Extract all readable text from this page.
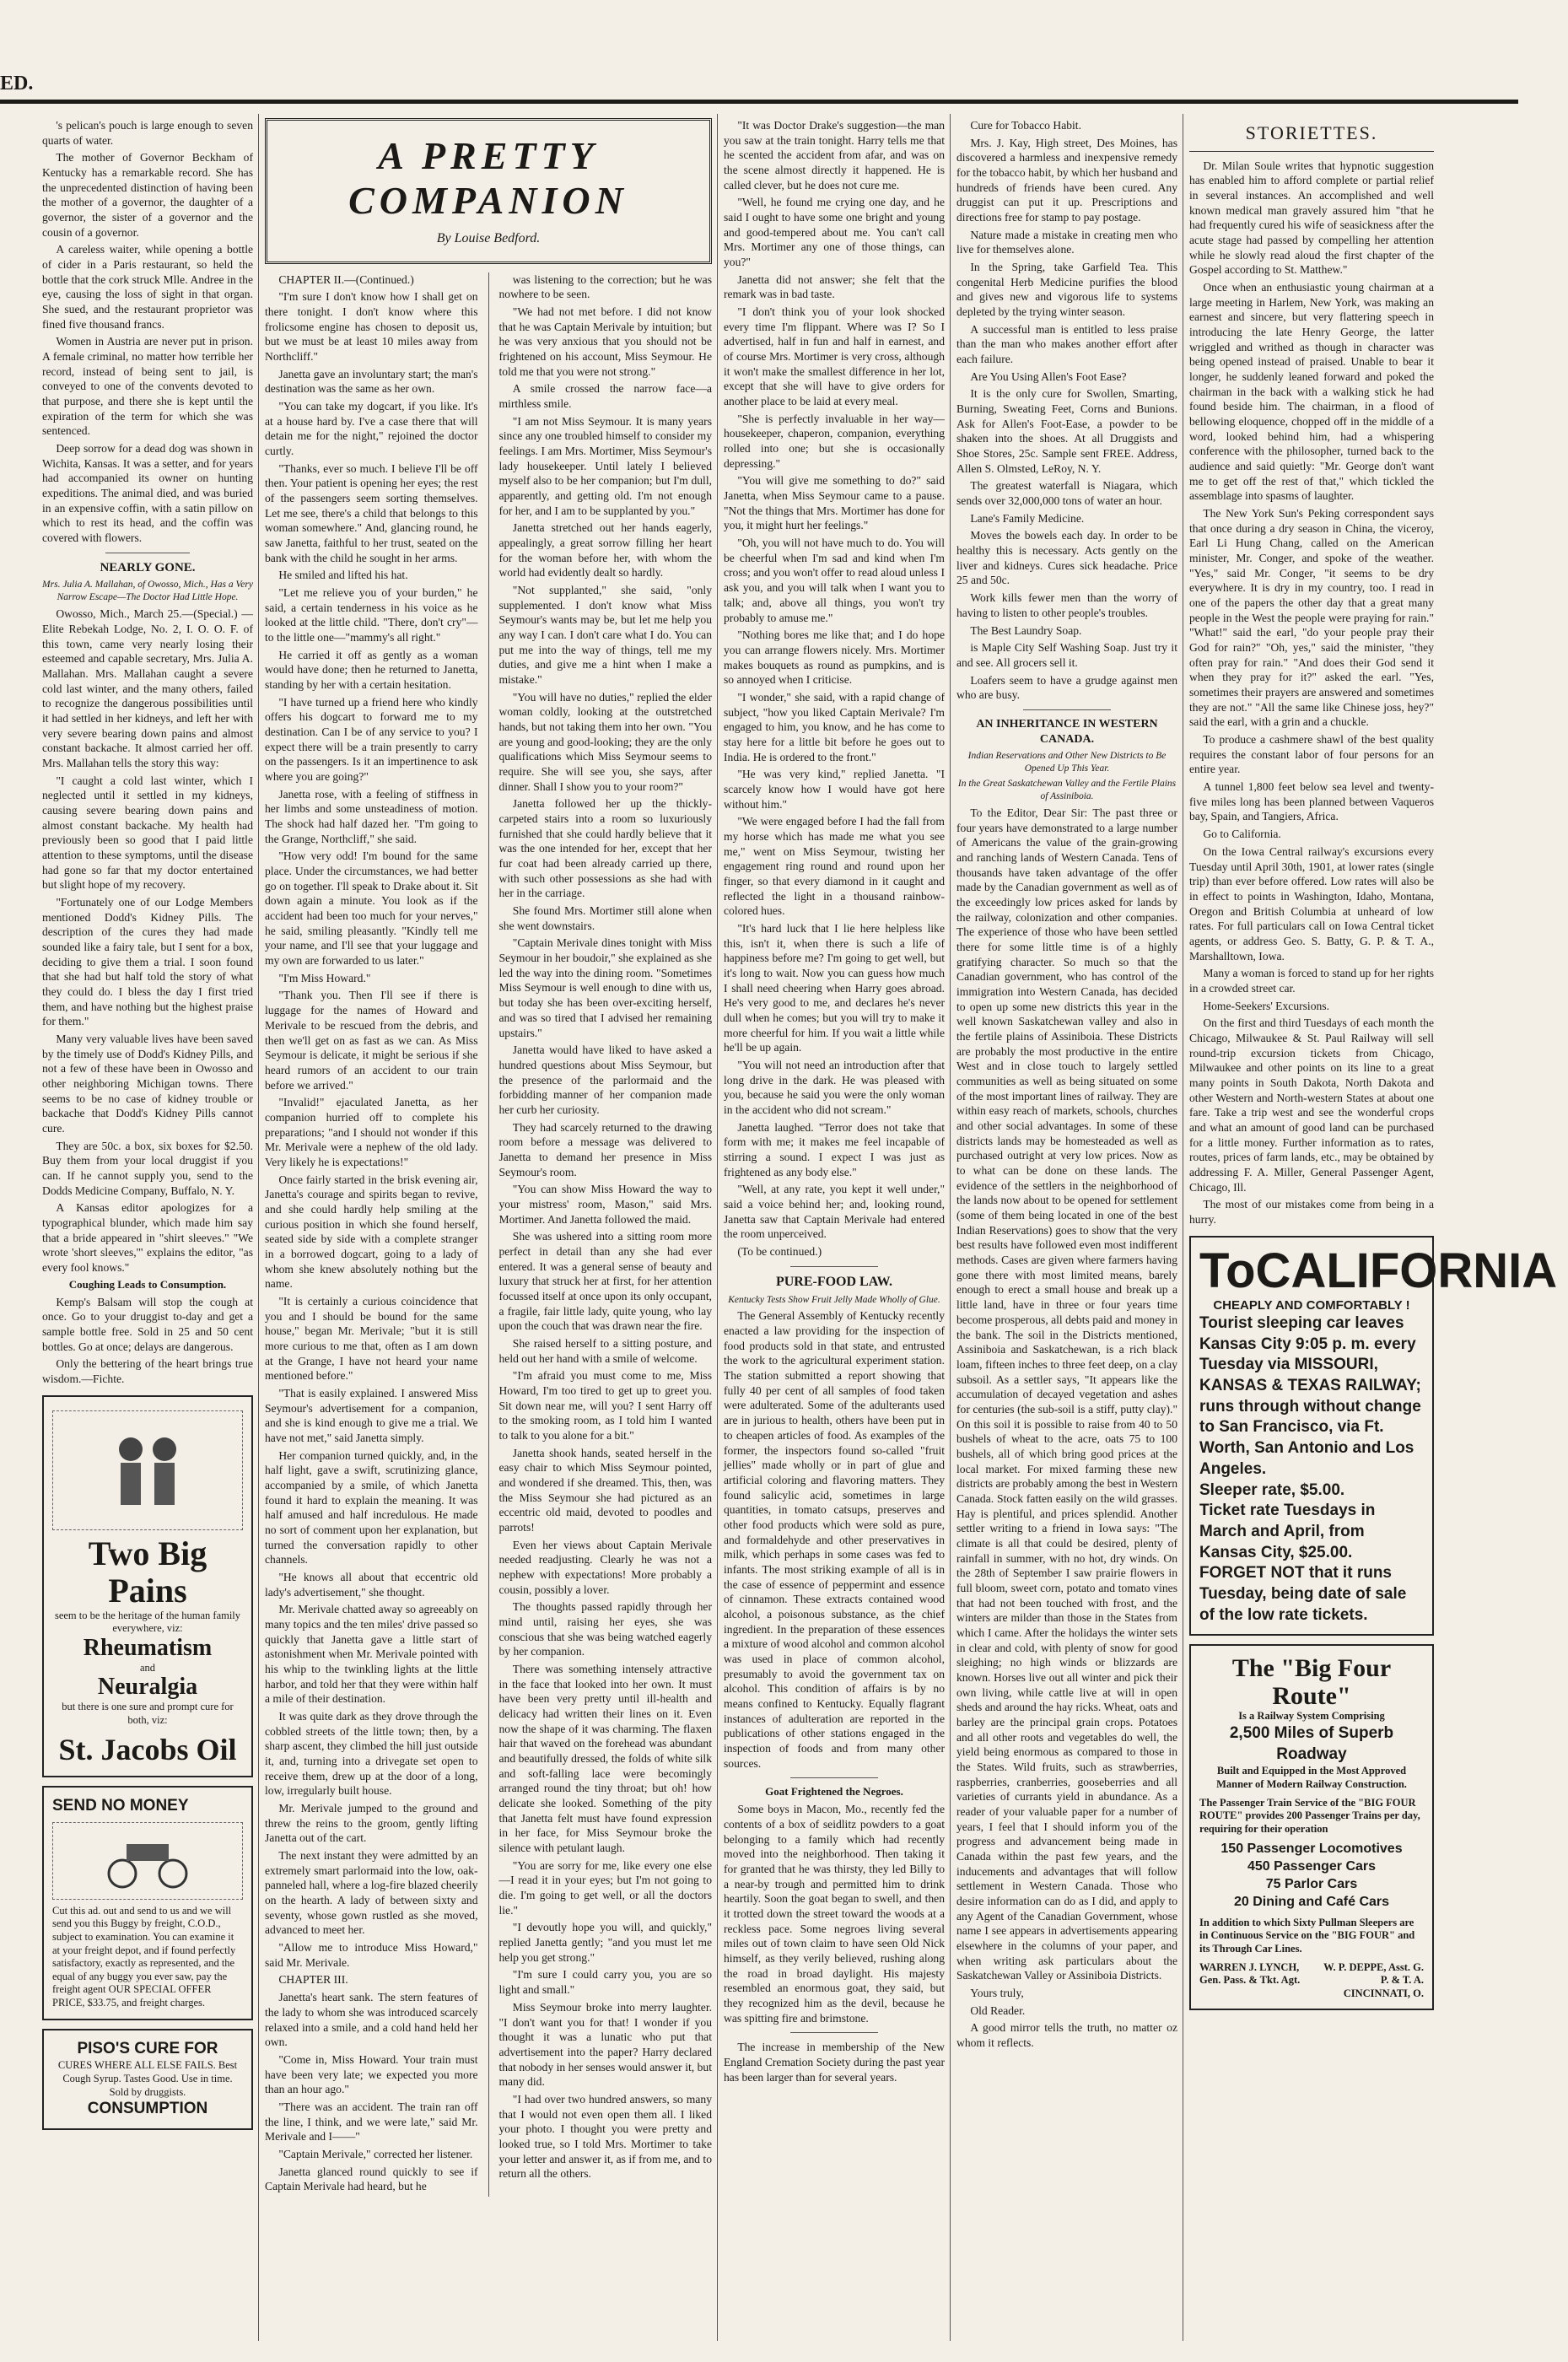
ED.

's pelican's pouch is large enough to seven quarts of water.

The mother of Governor Beckham of Kentucky has a remarkable record. She has the unprecedented distinction of having been the mother of a governor, the daughter of a governor, the sister of a governor and the cousin of a governor.

A careless waiter, while opening a bottle of cider in a Paris restaurant, so held the bottle that the cork struck Mlle. Andree in the eye, causing the loss of sight in that organ. She sued, and the restaurant proprietor was fined five thousand francs.

Women in Austria are never put in prison. A female criminal, no matter how terrible her record, instead of being sent to jail, is conveyed to one of the convents devoted to that purpose, and there she is kept until the expiration of the term for which she was sentenced.

Deep sorrow for a dead dog was shown in Wichita, Kansas. It was a setter, and for years had accompanied its owner on hunting expeditions. The animal died, and was buried in an expensive coffin, with a satin pillow on which to rest its head, and the coffin was covered with flowers.

NEARLY GONE.

Mrs. Julia A. Mallahan, of Owosso, Mich., Has a Very Narrow Escape—The Doctor Had Little Hope.

Owosso, Mich., March 25.—(Special.) —Elite Rebekah Lodge, No. 2, I. O. O. F. of this town, came very nearly losing their esteemed and capable secretary, Mrs. Julia A. Mallahan. Mrs. Mallahan caught a severe cold last winter, and the many others, failed to recognize the dangerous possibilities until it had settled in her kidneys, and left her with very severe bearing down pains and almost constant backache. It almost carried her off. Mrs. Mallahan tells the story this way:

"I caught a cold last winter, which I neglected until it settled in my kidneys, causing severe bearing down pains and almost constant backache. My health had previously been so good that I paid little attention to these symptoms, until the disease had gone so far that my doctor entertained but slight hope of my recovery.

"Fortunately one of our Lodge Members mentioned Dodd's Kidney Pills. The description of the cures they had made sounded like a fairy tale, but I sent for a box, deciding to give them a trial. I soon found that she had but half told the story of what they could do. I bless the day I first tried them, and have nothing but the highest praise for them."

Many very valuable lives have been saved by the timely use of Dodd's Kidney Pills, and not a few of these have been in Owosso and other neighboring Michigan towns. There seems to be no case of kidney trouble or backache that Dodd's Kidney Pills cannot cure.

They are 50c. a box, six boxes for $2.50. Buy them from your local druggist if you can. If he cannot supply you, send to the Dodds Medicine Company, Buffalo, N. Y.

A Kansas editor apologizes for a typographical blunder, which made him say that a bride appeared in "shirt sleeves." "We wrote 'short sleeves,'" explains the editor, "as every fool knows."

Coughing Leads to Consumption.

Kemp's Balsam will stop the cough at once. Go to your druggist to-day and get a sample bottle free. Sold in 25 and 50 cent bottles. Go at once; delays are dangerous.

Only the bettering of the heart brings true wisdom.—Fichte.

Two Big Pains
seem to be the heritage of the human family everywhere, viz:
Rheumatism
and
Neuralgia
but there is one sure and prompt cure for both, viz:
St. Jacobs Oil
SEND NO MONEY
Cut this ad. out and send to us and we will send you this Buggy by freight, C.O.D., subject to examination. You can examine it at your freight depot, and if found perfectly satisfactory, exactly as represented, and the equal of any buggy you ever saw, pay the freight agent OUR SPECIAL OFFER PRICE, $33.75, and freight charges.
PISO'S CURE FOR
CURES WHERE ALL ELSE FAILS. Best Cough Syrup. Tastes Good. Use in time. Sold by druggists.
CONSUMPTION
A PRETTY
COMPANION
By Louise Bedford.

CHAPTER II.—(Continued.)

"I'm sure I don't know how I shall get on there tonight. I don't know where this frolicsome engine has chosen to deposit us, but we must be at least 10 miles away from Northcliff."

Janetta gave an involuntary start; the man's destination was the same as her own.

"You can take my dogcart, if you like. It's at a house hard by. I've a case there that will detain me for the night," rejoined the doctor curtly.

"Thanks, ever so much. I believe I'll be off then. Your patient is opening her eyes; the rest of the passengers seem sorting themselves. Let me see, there's a child that belongs to this woman somewhere." And, glancing round, he saw Janetta, faithful to her trust, seated on the bank with the child he sought in her arms.

He smiled and lifted his hat.

"Let me relieve you of your burden," he said, a certain tenderness in his voice as he looked at the little child. "There, don't cry"—to the little one—"mammy's all right."

He carried it off as gently as a woman would have done; then he returned to Janetta, standing by her with a certain hesitation.

"I have turned up a friend here who kindly offers his dogcart to forward me to my destination. Can I be of any service to you? I expect there will be a train presently to carry on the passengers. Is it an impertinence to ask where you are going?"

Janetta rose, with a feeling of stiffness in her limbs and some unsteadiness of motion. The shock had half dazed her. "I'm going to the Grange, Northcliff," she said.

"How very odd! I'm bound for the same place. Under the circumstances, we had better go on together. I'll speak to Drake about it. Sit down again a minute. You look as if the accident had been too much for your nerves," he said, smiling pleasantly. "Kindly tell me your name, and I'll see that your luggage and my own are forwarded to us later."

"I'm Miss Howard."

"Thank you. Then I'll see if there is luggage for the names of Howard and Merivale to be rescued from the debris, and then we'll get on as fast as we can. As Miss Seymour is delicate, it might be serious if she heard rumors of an accident to our train before we arrived."

"Invalid!" ejaculated Janetta, as her companion hurried off to complete his preparations; "and I should not wonder if this Mr. Merivale were a nephew of the old lady. Very likely he is expectations!"

Once fairly started in the brisk evening air, Janetta's courage and spirits began to revive, and she could hardly help smiling at the curious position in which she found herself, seated side by side with a complete stranger in a borrowed dogcart, going to a lady of whom she knew absolutely nothing but the name.

"It is certainly a curious coincidence that you and I should be bound for the same house," began Mr. Merivale; "but it is still more curious to me that, often as I am down at the Grange, I have not heard your name mentioned before."

"That is easily explained. I answered Miss Seymour's advertisement for a companion, and she is kind enough to give me a trial. We have not met," said Janetta simply.

Her companion turned quickly, and, in the half light, gave a swift, scrutinizing glance, accompanied by a smile, of which Janetta found it hard to explain the meaning. It was half amused and half incredulous. He made no sort of comment upon her explanation, but turned the conversation rapidly to other channels.

"He knows all about that eccentric old lady's advertisement," she thought.

Mr. Merivale chatted away so agreeably on many topics and the ten miles' drive passed so quickly that Janetta gave a little start of astonishment when Mr. Merivale pointed with his whip to the twinkling lights at the little harbor, and told her that they were within half a mile of their destination.

It was quite dark as they drove through the cobbled streets of the little town; then, by a sharp ascent, they climbed the hill just outside it, and, turning into a drivegate set open to receive them, drew up at the door of a long, low, irregularly built house.

Mr. Merivale jumped to the ground and threw the reins to the groom, gently lifting Janetta out of the cart.

The next instant they were admitted by an extremely smart parlormaid into the low, oak-panneled hall, where a log-fire blazed cheerily on the hearth. A lady of between sixty and seventy, whose gown rustled as she moved, advanced to meet her.

"Allow me to introduce Miss Howard," said Mr. Merivale.

CHAPTER III.

Janetta's heart sank. The stern features of the lady to whom she was introduced scarcely relaxed into a smile, and a cold hand held her own.

"Come in, Miss Howard. Your train must have been very late; we expected you more than an hour ago."

"There was an accident. The train ran off the line, I think, and we were late," said Mr. Merivale and I——"

"Captain Merivale," corrected her listener.

Janetta glanced round quickly to see if Captain Merivale had heard, but he

was listening to the correction; but he was nowhere to be seen.

"We had not met before. I did not know that he was Captain Merivale by intuition; but he was very anxious that you should not be frightened on his account, Miss Seymour. He told me that you were not strong."

A smile crossed the narrow face—a mirthless smile.

"I am not Miss Seymour. It is many years since any one troubled himself to consider my feelings. I am Mrs. Mortimer, Miss Seymour's lady housekeeper. Until lately I believed myself also to be her companion; but I'm dull, apparently, and getting old. I'm not enough for her, and I am to be supplanted by you."

Janetta stretched out her hands eagerly, appealingly, a great sorrow filling her heart for the woman before her, with whom the world had evidently dealt so hardly.

"Not supplanted," she said, "only supplemented. I don't know what Miss Seymour's wants may be, but let me help you any way I can. I don't care what I do. You can put me into the way of things, tell me my duties, and give me a hint when I make a mistake."

"You will have no duties," replied the elder woman coldly, looking at the outstretched hands, but not taking them into her own. "You are young and good-looking; they are the only qualifications which Miss Seymour seems to require. She will see you, she says, after dinner. Shall I show you to your room?"

Janetta followed her up the thickly-carpeted stairs into a room so luxuriously furnished that she could hardly believe that it was the one intended for her, except that her fur coat had been already carried up there, with such other possessions as she had with her in the carriage.

She found Mrs. Mortimer still alone when she went downstairs.

"Captain Merivale dines tonight with Miss Seymour in her boudoir," she explained as she led the way into the dining room. "Sometimes Miss Seymour is well enough to dine with us, but today she has been over-exciting herself, and was so tired that I advised her remaining upstairs."

Janetta would have liked to have asked a hundred questions about Miss Seymour, but the presence of the parlormaid and the forbidding manner of her companion made her curb her curiosity.

They had scarcely returned to the drawing room before a message was delivered to Janetta to demand her presence in Miss Seymour's room.

"You can show Miss Howard the way to your mistress' room, Mason," said Mrs. Mortimer. And Janetta followed the maid.

She was ushered into a sitting room more perfect in detail than any she had ever entered. It was a general sense of beauty and luxury that struck her at first, for her attention focussed itself at once upon its only occupant, a fragile, fair little lady, quite young, who lay upon the couch that was drawn near the fire.

She raised herself to a sitting posture, and held out her hand with a smile of welcome.

"I'm afraid you must come to me, Miss Howard, I'm too tired to get up to greet you. Sit down near me, will you? I sent Harry off to the smoking room, as I told him I wanted to talk to you alone for a bit."

Janetta shook hands, seated herself in the easy chair to which Miss Seymour pointed, and wondered if she dreamed. This, then, was the Miss Seymour she had pictured as an eccentric old maid, devoted to poodles and parrots!

Even her views about Captain Merivale needed readjusting. Clearly he was not a nephew with expectations! More probably a cousin, possibly a lover.

The thoughts passed rapidly through her mind until, raising her eyes, she was conscious that she was being watched eagerly by her companion.

There was something intensely attractive in the face that looked into her own. It must have been very pretty until ill-health and delicacy had written their lines on it. Even now the shape of it was charming. The flaxen hair that waved on the forehead was abundant and beautifully dressed, the folds of white silk and soft-falling lace were becomingly arranged round the tiny throat; but oh! how delicate she looked. Something of the pity that Janetta felt must have found expression in her face, for Miss Seymour broke the silence with petulant laugh.

"You are sorry for me, like every one else—I read it in your eyes; but I'm not going to die. I'm going to get well, or all the doctors lie."

"I devoutly hope you will, and quickly," replied Janetta gently; "and you must let me help you get strong."

"I'm sure I could carry you, you are so light and small."

Miss Seymour broke into merry laughter. "I don't want you for that! I wonder if you thought it was a lunatic who put that advertisement into the paper? Harry declared that nobody in her senses would answer it, but many did.

"I had over two hundred answers, so many that I would not even open them all. I liked your photo. I thought you were pretty and looked true, so I told Mrs. Mortimer to take your letter and answer it, as if from me, and to return all the others.

"It was Doctor Drake's suggestion—the man you saw at the train tonight. Harry tells me that he scented the accident from afar, and was on the scene almost directly it happened. He is called clever, but he does not cure me.

"Well, he found me crying one day, and he said I ought to have some one bright and young and good-tempered about me. You can't call Mrs. Mortimer any one of those things, can you?"

Janetta did not answer; she felt that the remark was in bad taste.

"I don't think you of your look shocked every time I'm flippant. Where was I? So I advertised, half in fun and half in earnest, and of course Mrs. Mortimer is very cross, although it won't make the smallest difference in her lot, except that she will have to give orders for another place to be laid at every meal.

"She is perfectly invaluable in her way—housekeeper, chaperon, companion, everything rolled into one; but she is occasionally depressing."

"You will give me something to do?" said Janetta, when Miss Seymour came to a pause. "Not the things that Mrs. Mortimer has done for you, it might hurt her feelings."

"Oh, you will not have much to do. You will be cheerful when I'm sad and kind when I'm cross; and you won't offer to read aloud unless I ask you, and you will talk when I want you to talk; and, above all things, you won't try probably to amuse me."

"Nothing bores me like that; and I do hope you can arrange flowers nicely. Mrs. Mortimer makes bouquets as round as pumpkins, and is so annoyed when I criticise.

"I wonder," she said, with a rapid change of subject, "how you liked Captain Merivale? I'm engaged to him, you know, and he has come to stay here for a little bit before he goes out to India. He is ordered to the front."

"He was very kind," replied Janetta. "I scarcely know how I would have got here without him."

"We were engaged before I had the fall from my horse which has made me what you see me," went on Miss Seymour, twisting her engagement ring round and round upon her finger, so that every diamond in it caught and reflected the light in a thousand rainbow-colored hues.

"It's hard luck that I lie here helpless like this, isn't it, when there is such a life of happiness before me? I'm going to get well, but it's long to wait. Now you can guess how much I shall need cheering when Harry goes abroad. He's very good to me, and declares he's never dull when he comes; but you will try to make it more cheerful for him. If you wait a little while he'll be up again.

"You will not need an introduction after that long drive in the dark. He was pleased with you, because he said you were the only woman in the accident who did not scream."

Janetta laughed. "Terror does not take that form with me; it makes me feel incapable of stirring a sound. I expect I was just as frightened as any body else."

"Well, at any rate, you kept it well under," said a voice behind her; and, looking round, Janetta saw that Captain Merivale had entered the room unperceived.

(To be continued.)

PURE-FOOD LAW.

Kentucky Tests Show Fruit Jelly Made Wholly of Glue.

The General Assembly of Kentucky recently enacted a law providing for the inspection of food products sold in that state, and entrusted the work to the agricultural experiment station. The station submitted a report showing that fully 40 per cent of all samples of food taken were adulterated. Some of the adulterants used are in jurious to health, others have been put in to cheapen articles of food. As examples of the former, the inspectors found so-called "fruit jellies" made wholly or in part of glue and artificial coloring and flavoring matters. They found salicylic acid, sometimes in large quantities, in tomato catsups, preserves and other food products which were sold as pure, and formaldehyde and other preservatives in milk, which perhaps in some cases was fed to infants. The most striking example of all is in the case of essence of peppermint and essence of cinnamon. These extracts contained wood alcohol, a poisonous substance, as the chief ingredient. In the preparation of these essences a mixture of wood alcohol and common alcohol was used in place of common alcohol, presumably to avoid the government tax on alcohol. This condition of affairs is by no means confined to Kentucky. Equally flagrant instances of adulteration are reported in the publications of other stations engaged in the inspection of foods and from many other sources.

Goat Frightened the Negroes.

Some boys in Macon, Mo., recently fed the contents of a box of seidlitz powders to a goat belonging to a family which had recently moved into the neighborhood. Then taking it for granted that he was thirsty, they led Billy to a near-by trough and permitted him to drink heartily. Soon the goat began to swell, and then it trotted down the street toward the woods at a reckless pace. Some negroes living several miles out of town claim to have seen Old Nick himself, as they verily believed, rushing along the road in broad daylight. His majesty resembled an enormous goat, they said, but they recognized him as the devil, because he was spitting fire and brimstone.

The increase in membership of the New England Cremation Society during the past year has been larger than for several years.

Cure for Tobacco Habit.

Mrs. J. Kay, High street, Des Moines, has discovered a harmless and inexpensive remedy for the tobacco habit, by which her husband and hundreds of friends have been cured. Any druggist can put it up. Prescriptions and directions free for stamp to pay postage.

Nature made a mistake in creating men who live for themselves alone.

In the Spring, take Garfield Tea. This congenital Herb Medicine purifies the blood and gives new and vigorous life to systems depleted by the trying winter season.

A successful man is entitled to less praise than the man who makes another effort after each failure.

Are You Using Allen's Foot Ease?

It is the only cure for Swollen, Smarting, Burning, Sweating Feet, Corns and Bunions. Ask for Allen's Foot-Ease, a powder to be shaken into the shoes. At all Druggists and Shoe Stores, 25c. Sample sent FREE. Address, Allen S. Olmsted, LeRoy, N. Y.

The greatest waterfall is Niagara, which sends over 32,000,000 tons of water an hour.

Lane's Family Medicine.

Moves the bowels each day. In order to be healthy this is necessary. Acts gently on the liver and kidneys. Cures sick headache. Price 25 and 50c.

Work kills fewer men than the worry of having to listen to other people's troubles.

The Best Laundry Soap.

is Maple City Self Washing Soap. Just try it and see. All grocers sell it.

Loafers seem to have a grudge against men who are busy.

AN INHERITANCE IN WESTERN CANADA.

Indian Reservations and Other New Districts to Be Opened Up This Year.

In the Great Saskatchewan Valley and the Fertile Plains of Assiniboia.

To the Editor, Dear Sir: The past three or four years have demonstrated to a large number of Americans the value of the grain-growing and ranching lands of Western Canada. Tens of thousands have taken advantage of the offer made by the Canadian government as well as of the exceedingly low prices asked for lands by the railway, colonization and other companies. The experience of those who have been settled there for some little time is of a highly gratifying character. So much so that the Canadian government, who has control of the immigration into Western Canada, has decided to open up some new districts this year in the well known Saskatchewan valley and also in the fertile plains of Assiniboia. These Districts are probably the most productive in the entire West and in close touch to largely settled communities as well as being situated on some of the most important lines of railway. They are within easy reach of markets, schools, churches and other social advantages. In some of these districts lands may be homesteaded as well as purchased outright at very low prices. Now as to what can be done on these lands. The evidence of the settlers in the neighborhood of the lands now about to be opened for settlement (some of them being located in one of the best Indian Reservations) goes to show that the very best results have followed even most indifferent methods. Cases are given where farmers having gone there with most limited means, barely enough to erect a small house and break up a little land, have in three or four years time become prosperous, all debts paid and money in the bank. The soil in the Districts mentioned, Assiniboia and Saskatchewan, is a rich black loam, fifteen inches to three feet deep, on a clay subsoil. As a settler says, "It appears like the accumulation of decayed vegetation and ashes for centuries (the sub-soil is a stiff, putty clay)." On this soil it is possible to raise from 40 to 50 bushels of wheat to the acre, oats 75 to 100 bushels, all of which bring good prices at the local market. For mixed farming these new districts are probably among the best in Western Canada. Stock fatten easily on the wild grasses. Hay is plentiful, and prices splendid. Another settler writing to a friend in Iowa says: "The climate is all that could be desired, plenty of rainfall in summer, with no hot, dry winds. On the 28th of September I saw prairie flowers in full bloom, sweet corn, potato and tomato vines that had not been touched with frost, and the winters are milder than those in the States from which I came. After the holidays the winter sets in clear and cold, with plenty of snow for good sleighing; no high winds or blizzards are known. Horses live out all winter and pick their own living, while cattle live at will in open sheds and around the hay ricks. Wheat, oats and barley are the principal grain crops. Potatoes and all other roots and vegetables do well, the yield being enormous as compared to those in the States. Wild fruits, such as strawberries, raspberries, cranberries, gooseberries and all varieties of currants yield in abundance. As a reader of your valuable paper for a number of years, I feel that I should inform you of the progress and advancement being made in Canada within the past few years, and the inducements and advantages that will follow settlement in Western Canada. Those who desire information can do as I did, and apply to any Agent of the Canadian Government, whose name I see appears in advertisements appearing elsewhere in the columns of your paper, and when writing ask particulars about the Saskatchewan Valley or Assiniboia Districts.

Yours truly,

Old Reader.

A good mirror tells the truth, no matter oz whom it reflects.

STORIETTES.

Dr. Milan Soule writes that hypnotic suggestion has enabled him to afford complete or partial relief in several instances. An accomplished and well known medical man gravely assured him "that he had frequently cured his wife of seasickness after the acute stage had passed by compelling her attention while he slowly read aloud the first chapter of the Gospel according to St. Matthew."

Once when an enthusiastic young chairman at a large meeting in Harlem, New York, was making an earnest and sincere, but very flattering speech in introducing the late Henry George, the latter wriggled and writhed as though in character was being opened instead of praised. Unable to bear it longer, he suddenly leaned forward and poked the chairman in the back with a walking stick he had found beside him. The chairman, in a flood of bellowing eloquence, chopped off in the middle of a word, looked behind him, had a whispering conference with the philosopher, turned back to the audience and said quietly: "Mr. George don't want me to get off the rest of that," which tickled the assemblage into spasms of laughter.

The New York Sun's Peking correspondent says that once during a dry season in China, the viceroy, Earl Li Hung Chang, called on the American minister, Mr. Conger, and spoke of the weather. "Yes," said Mr. Conger, "it seems to be dry everywhere. It is dry in my country, too. I read in one of the papers the other day that a great many people in the West the people were praying for rain." "What!" said the earl, "do your people pray their God for rain?" "Oh, yes," said the minister, "they often pray for rain." "And does their God send it when they pray for it?" asked the earl. "Yes, sometimes their prayers are answered and sometimes they are not." "All the same like Chinese joss, hey?" said the earl, with a grin and a chuckle.

To produce a cashmere shawl of the best quality requires the constant labor of four persons for an entire year.

A tunnel 1,800 feet below sea level and twenty-five miles long has been planned between Vaqueros bay, Spain, and Tangiers, Africa.

Go to California.

On the Iowa Central railway's excursions every Tuesday until April 30th, 1901, at lower rates (single trip) than ever before offered. Low rates will also be in effect to points in Washington, Idaho, Montana, Oregon and British Columbia at unheard of low rates. For full particulars call on Iowa Central ticket agents, or address Geo. S. Batty, G. P. & T. A., Marshalltown, Iowa.

Many a woman is forced to stand up for her rights in a crowded street car.

Home-Seekers' Excursions.

On the first and third Tuesdays of each month the Chicago, Milwaukee & St. Paul Railway will sell round-trip excursion tickets from Chicago, Milwaukee and other points on its line to a great many points in South Dakota, North Dakota and other Western and North-western States at about one fare. Take a trip west and see the wonderful crops and what an amount of good land can be purchased for a little money. Further information as to rates, routes, prices of farm lands, etc., may be obtained by addressing F. A. Miller, General Passenger Agent, Chicago, Ill.

The most of our mistakes come from being in a hurry.

ToCALIFORNIA
CHEAPLY AND COMFORTABLY !
Tourist sleeping car leaves Kansas City 9:05 p. m. every Tuesday via MISSOURI, KANSAS & TEXAS RAILWAY; runs through without change to San Francisco, via Ft. Worth, San Antonio and Los Angeles.
Sleeper rate, $5.00.
Ticket rate Tuesdays in March and April, from Kansas City, $25.00.
FORGET NOT that it runs Tuesday, being date of sale of the low rate tickets.
The "Big Four Route"
Is a Railway System Comprising
2,500 Miles of Superb Roadway
Built and Equipped in the Most Approved Manner of Modern Railway Construction.
The Passenger Train Service of the "BIG FOUR ROUTE" provides 200 Passenger Trains per day, requiring for their operation
150 Passenger Locomotives
450 Passenger Cars
75 Parlor Cars
20 Dining and Café Cars
In addition to which Sixty Pullman Sleepers are in Continuous Service on the "BIG FOUR" and its Through Car Lines.
WARREN J. LYNCH, Gen. Pass. & Tkt. Agt.
W. P. DEPPE, Asst. G. P. & T. A. CINCINNATI, O.
